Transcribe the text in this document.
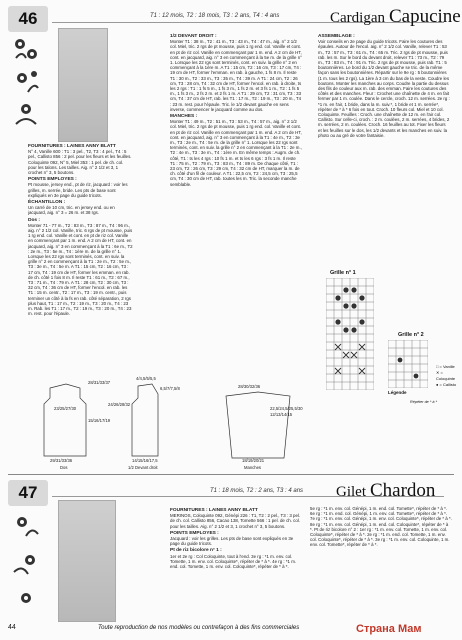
46	T1 : 12 mois, T2 : 18 mois, T3 : 2 ans, T4 : 4 ans	Cardigan Capucine
FOURNITURES : LAINES ANNY BLATT
N° 4, Vanille 600 : T1 : 3 pel., T2, T3 : 4 pel., T4 : 5 pel., Callisto 856 : 2 pel. pour les fleurs et les feuilles. Coloquinte 092, N° 5, Miel 353 : 1 pel. de ch. col. pour les talons. Les tailles. Aig. n° 2 1/2 et 3, 1 crochet n° 3, 5 boutons.
POINTS EMPLOYES :
Pt mousse, jersey end., pt de riz, jacquard : voir les grilles, m. serrée, bride. Les pts de base sont expliqués en 3e page du guide tricots.
ÉCHANTILLON :
Un carré de 10 cm, tric. en jersey end. ou en jacquard, aig. n° 3 = 26 m. et 38 rgs.
Dos :
Monter 71 - 77 m., T2 : 83 m., T3 : 87 m., T4 : 96 m., aig. n° 2 1/2 col. Vanille, tric. 6 rgs de pt mousse, puis 1 rg end. col. Vanille et cont. en pt de riz col. Vanille en commençant par 1 m. end. A 2 cm de HT, cont. en jacquard, aig. n° 3 en commençant à la T1 : 6e m., T2 : 2e m., T3 : 5e m., T4 : 1ère m. de la grille n° 1. Lorsque les 22 rgs sont terminés, cont. en suiv. la grille n° 2 en commençant à la T1 : 2e m., T2 : 5e m., T3 : 3e m., T4 : 5e m. A T1 : 15 cm, T2 : 16 cm, T3 : 17 cm, T4 : 19 cm de HT, former les emman. en rab. de ch. côté 1 fois 8 m. Il reste T1 : 61 m., T2 : 67 m., T3 : 71 m., T4 : 79 m. A T1 : 28 cm, T2 : 30 cm, T3 : 32 cm, T4 : 36 cm de HT, former l'encol. en rab. les T1 : 15 m. centr., T2 : 17 m., T3 : 19 m. centr., puis terminer un côté à la fs en rab. côté séparation, 2 rgs plus haut, T1 : 17 m., T2 : 19 m., T3 : 20 m., T4 : 23 m. Rab. les T1 : 17 m., T2 : 19 m., T3 : 20 m., T4 : 23 m. rest. pour l'épaule.
1/2 DEVANT DROIT :
Monter T1 : 38 m., T2 : 41 m., T3 : 43 m., T4 : 47 m., aig. n° 2 1/2 col. Miel, tric. 2 rgs de pt mousse, puis 1 rg end. col. Vanille et cont. en pt de riz col. Vanille en commençant par 1 m. end. A 2 cm de HT, cont. en jacquard, aig. n° 3 en commençant à la 5e m. de la grille n° 1. Lorsque les 22 rgs sont terminés, cont. en suiv. la grille n° 2 en commençant à la 1ère m. A T1 : 15 cm, T2 : 16 cm, T3 : 17 cm, T4 : 19 cm de HT, former l'emman. en rab. à gauche, 1 fs 8 m. Il reste T1 : 30 m., T2 : 33 m., T3 : 35 m., T4 : 39 m. A T1 : 24 cm, T2 : 26 cm, T3 : 28 cm, T4 : 32 cm de HT, former l'encol. en rab. à droite, ts les 2 rgs : T1 : 1 fs 5 m., 1 fs 3 m., 1 fs 2 m. et 3 fs 1 m., T2 : 1 fs 5 m., 1 fs 3 m., 2 fs 2 m. et 2 fs 1 m. A T1 : 29 cm, T2 : 31 cm, T3 : 33 cm, T4 : 37 cm de HT, rab. les T1 : 17 m., T2 : 19 m., T3 : 20 m., T4 : 23 m. rest. pour l'épaule. Tric. le 1/2 devant gauche en sens inverse, commencer le jacquard comme au dos.
MANCHES :
Monter T1 : 49 m., T2 : 51 m., T3 : 53 m., T4 : 57 m., aig. n° 2 1/2 col. Miel, tric. 2 rgs de pt mousse, puis 1 rg end. col. Vanille et cont. en pt de riz col. Vanille en commençant par 1 m. end. A 2 cm de HT, cont. en jacquard, aig. n° 3 en commençant à la T1 : 4e m., T2 : 3e m., T3 : 2e m., T4 : 5e m. de la grille n° 1. Lorsque les 22 rgs sont terminés, cont. en suiv. la grille n° 2 en commençant à la T1 : 2e m., T2 : 4e m., T3 : 3e m., T4 : 1ère m. En même temps : Augm. de ch. côté, T1 : ts les 4 rgs : 10 fs 1 m. et ts les 6 rgs : 3 fs 1 m. Il reste T1 : 75 m., T2 : 79 m., T3 : 83 m., T4 : 89 m. De chaque côté, T1 : 23 cm, T2 : 26 cm, T3 : 29 cm, T4 : 32 cm de HT, marquer la m. de ch. côté d'un fil de couleur. A T1 : 22,5 cm, T2 : 24,5 cm, T3 : 25,5 cm, T4 : 30 cm de HT, rab. toutes les m. Tric. la seconde manche semblable.
ASSEMBLAGE :
Voir conseils en 2e page du guide tricots. Faire les coutures des épaules. Autour de l'encol. aig. n° 2 1/2 col. Vanille, relever T1 : 53 m., T2 : 57 m., T3 : 61 m., T4 : 65 m. Tric. 2 rgs de pt mousse, puis rab. les m. Sur le bord du devant droit, relever T1 : 73 m., T2 : 79 m., T3 : 83 m., T4 : 91 m. Tric. 2 rgs de pt mousse, puis rab. T1 : 5 boutonnières. Le bord du 1/2 devant gauche se tric. de la même façon sans les boutonnières. Répartir sur le 9e rg : 5 boutonnières (1 m. tous les 2 rgs). La 1ère à 3 cm du bas de la veste. Coudre les boutons. Monter les manches au corps. Coudre la partie du dessus des fils de couleur aux m. rab. des emman. Faire les coutures des côtés et des manches. Fleur : Crochet une chaînette de 4 m. en fait fermer par 1 m. coulée. Dans le cercle, croch. 12 m. serrées. 2e rg : *1 m. en l'air, 1 bride, dans la m. suiv.*, 1 bride et 1 m. serrée*, répéter de * à * 6 fois en tout. Croch. 10 fleurs col. Miel et 10 col. Coloquinte. Feuilles : Croch. une chaînette de 12 m. en l'air col. Callisto. Sur celle-ci, croch. : 2 m. coulées, 2 m. serrées, 4 brides, 2 m. serrées, 2 m. coulées. Croch. 16 feuilles au tot. Fixer les fleurs et les feuilles sur le dos, les 1/2 devants et les manches en suiv. la photo ou au gré de votre fantaisie.
Grille n° 1
Grille n° 2
Légende
□ = Vanille
✕ = Coloquinte
● = Callisto
Répéter de * à *
28/31/33/37
23/25/27/30
15/16/17/19
29/31/33/36
Dos
4/4,5/5/5,5
24/26/28/32
6,5/7/7,5/8
14/15/16/17,5
1/2 Devant droit
28/30/32/36
22,5/24,5/25,5/30
12/13/14/15
18/19/20/21
Manches
47	T1 : 18 mois, T2 : 2 ans, T3 : 4 ans Gilet Chardon
FOURNITURES : LAINES ANNY BLATT
MERINOS, Coloquinte 092, Génépi 226 : T1, T2 : 2 pel., T3 : 3 pel. de ch. col. Callisto 856, Cacao 138, Tomette 566 : 1 pel. de ch. col. pour les tailles. Aig. n° 2 1/2 et 3, 1 crochet n° 3, 5 boutons.
POINTS EMPLOYES :
Jacquard : voir les grilles. Les pts de base sont expliqués en 3e page du guide tricots.
Pt de riz bicolore n° 1 :
1er et 2e rg : Col Coloquinte, tout à l'end. 3e rg : *1 m. env. col. Tomette, 1 m. env. col. Coloquinte*, répéter de * à *. 4e rg : *1 m. end. col. Tomette, 1 m. env. col. Coloquinte*, répéter de * à *.
5e rg : *1 m. env. col. Génépi, 1 m. end. col. Tomette*, répéter de * à *. 6e rg : *1 m. end. col. Génépi, 1 m. env. col. Tomette*, répéter de * à *. 7e rg : *1 m. env. col. Génépi, 1 m. env. col. Coloquinte*, répéter de * à *. 8e rg : *1 m. env. col. Génépi, 1 m. end. col. Coloquinte*, répéter de * à *. Pt de riz bicolore n° 2 : 1er rg : *1 m. env. col. Tomette, 1 m. env. col. Coloquinte*, répéter de * à *. 2e rg : *1 m. end. col. Tomette, 1 m. env. col. Coloquinte*, répéter de * à *. 3e rg : *1 m. env. col. Coloquinte, 1 m. env. col. Tomette*, répéter de * à *.
44	Toute reproduction de nos modèles ou contrefaçon à des fins commerciales	Страна Мам
